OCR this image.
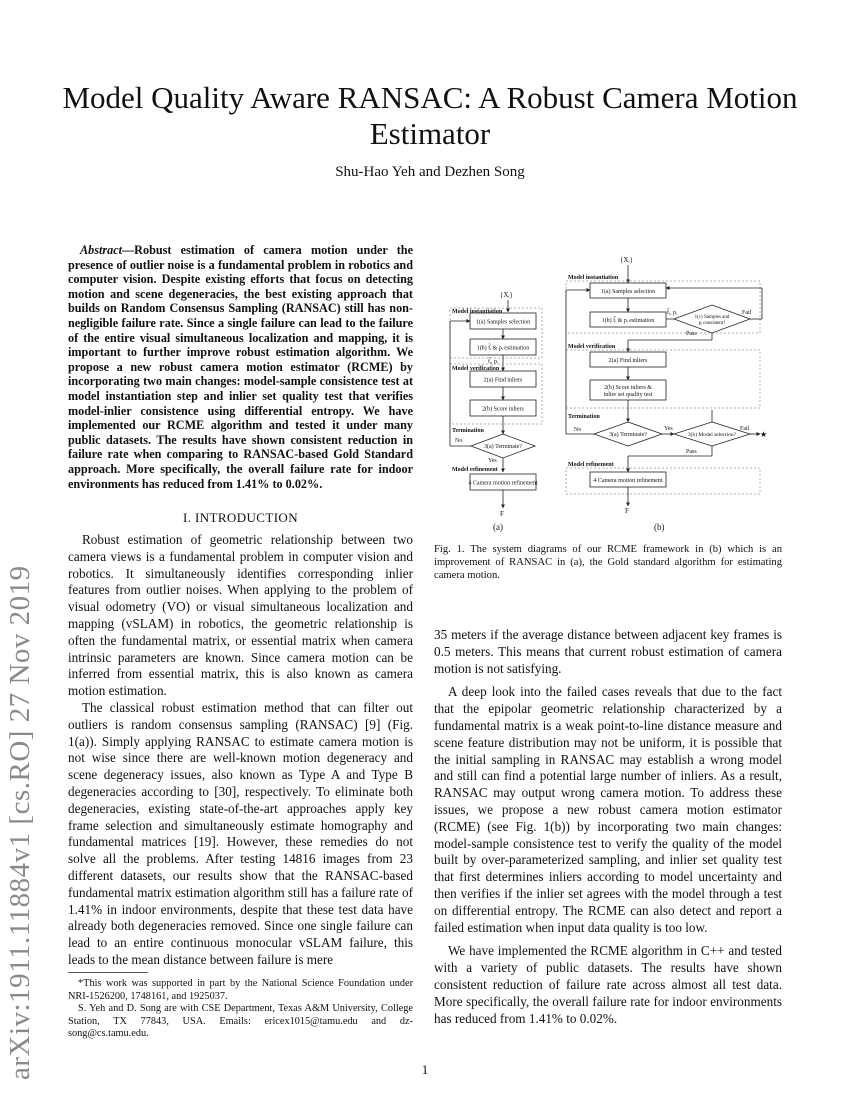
arXiv:1911.11884v1 [cs.RO] 27 Nov 2019
Model Quality Aware RANSAC: A Robust Camera Motion Estimator
Shu-Hao Yeh and Dezhen Song
Abstract—Robust estimation of camera motion under the presence of outlier noise is a fundamental problem in robotics and computer vision. Despite existing efforts that focus on detecting motion and scene degeneracies, the best existing approach that builds on Random Consensus Sampling (RANSAC) still has non-negligible failure rate. Since a single failure can lead to the failure of the entire visual simultaneous localization and mapping, it is important to further improve robust estimation algorithm. We propose a new robust camera motion estimator (RCME) by incorporating two main changes: model-sample consistence test at model instantiation step and inlier set quality test that verifies model-inlier consistence using differential entropy. We have implemented our RCME algorithm and tested it under many public datasets. The results have shown consistent reduction in failure rate when comparing to RANSAC-based Gold Standard approach. More specifically, the overall failure rate for indoor environments has reduced from 1.41% to 0.02%.
I. INTRODUCTION

Robust estimation of geometric relationship between two camera views is a fundamental problem in computer vision and robotics. It simultaneously identifies corresponding inlier features from outlier noises. When applying to the problem of visual odometry (VO) or visual simultaneous localization and mapping (vSLAM) in robotics, the geometric relationship is often the fundamental matrix, or essential matrix when camera intrinsic parameters are known. Since camera motion can be inferred from essential matrix, this is also known as camera motion estimation.

The classical robust estimation method that can filter out outliers is random consensus sampling (RANSAC) [9] (Fig. 1(a)). Simply applying RANSAC to estimate camera motion is not wise since there are well-known motion degeneracy and scene degeneracy issues, also known as Type A and Type B degeneracies according to [30], respectively. To eliminate both degeneracies, existing state-of-the-art approaches apply key frame selection and simultaneously estimate homography and fundamental matrices [19]. However, these remedies do not solve all the problems. After testing 14816 images from 23 different datasets, our results show that the RANSAC-based fundamental matrix estimation algorithm still has a failure rate of 1.41% in indoor environments, despite that these test data have already both degeneracies removed. Since one single failure can lead to an entire continuous monocular vSLAM failure, this leads to the mean distance between failure is mere

*This work was supported in part by the National Science Foundation under NRI-1526200, 1748161, and 1925037.

S. Yeh and D. Song are with CSE Department, Texas A&M University, College Station, TX 77843, USA. Emails: ericex1015@tamu.edu and dz-song@cs.tamu.edu.

{Xᵢ}
Model instantiation
1(a) Samples selection
1(b) f̂ᵢ & pᵢ estimation
f̂ᵢ, pᵢ
Model verification
2(a) Find inliers
2(b) Score inliers
Termination
3(a) Terminate?
No
Yes
Model refinement
4 Camera motion refinement
F
(a)
{Xᵢ}
Model instantiation
1(a) Samples selection
1(b) f̂ᵢ & pᵢ estimation
f̂ᵢ, pᵢ
1(c) Samples and
pᵢ consistent?
Fail
Pass
Model verification
2(a) Find inliers
2(b) Score inliers &
inlier set quality test
Termination
3(a) Terminate?
No	Yes
3(b) Model selection?	★
Fail
Pass
Model refinement
4 Camera motion refinement
F
(b)
Fig. 1. The system diagrams of our RCME framework in (b) which is an improvement of RANSAC in (a), the Gold standard algorithm for estimating camera motion.

35 meters if the average distance between adjacent key frames is 0.5 meters. This means that current robust estimation of camera motion is not satisfying.

A deep look into the failed cases reveals that due to the fact that the epipolar geometric relationship characterized by a fundamental matrix is a weak point-to-line distance measure and scene feature distribution may not be uniform, it is possible that the initial sampling in RANSAC may establish a wrong model and still can find a potential large number of inliers. As a result, RANSAC may output wrong camera motion. To address these issues, we propose a new robust camera motion estimator (RCME) (see Fig. 1(b)) by incorporating two main changes: model-sample consistence test to verify the quality of the model built by over-parameterized sampling, and inlier set quality test that first determines inliers according to model uncertainty and then verifies if the inlier set agrees with the model through a test on differential entropy. The RCME can also detect and report a failed estimation when input data quality is too low.

We have implemented the RCME algorithm in C++ and tested with a variety of public datasets. The results have shown consistent reduction of failure rate across almost all test data. More specifically, the overall failure rate for indoor environments has reduced from 1.41% to 0.02%.

1
